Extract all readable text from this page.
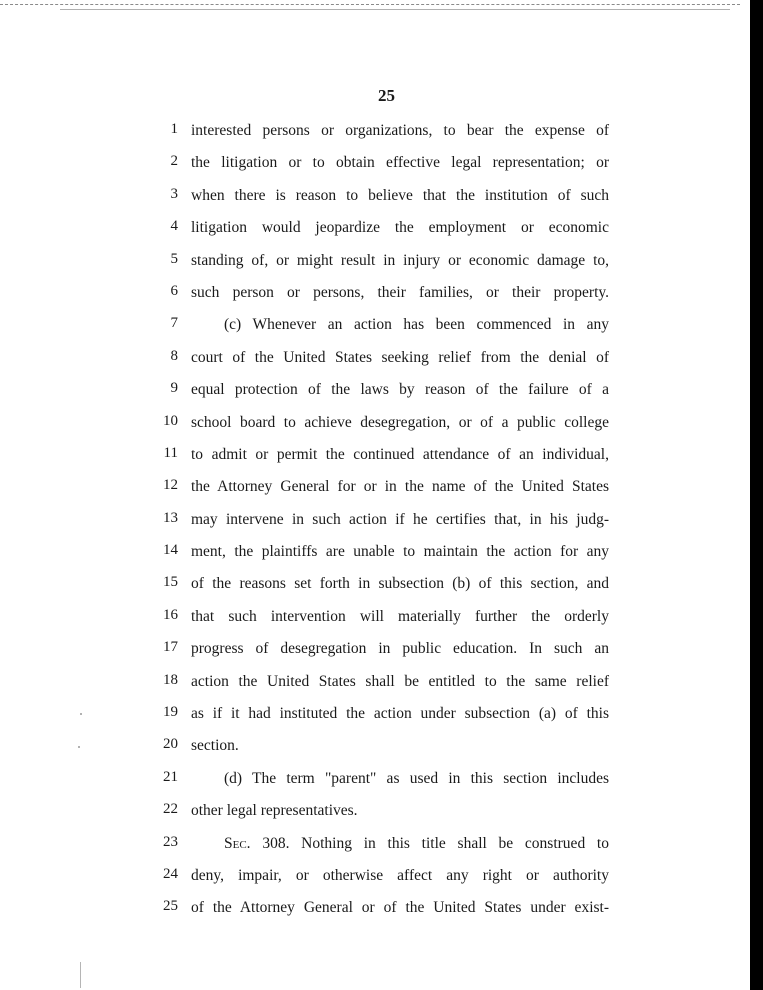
25
1 interested persons or organizations, to bear the expense of
2 the litigation or to obtain effective legal representation; or
3 when there is reason to believe that the institution of such
4 litigation would jeopardize the employment or economic
5 standing of, or might result in injury or economic damage to,
6 such person or persons, their families, or their property.
7	(c) Whenever an action has been commenced in any
8 court of the United States seeking relief from the denial of
9 equal protection of the laws by reason of the failure of a
10 school board to achieve desegregation, or of a public college
11 to admit or permit the continued attendance of an individual,
12 the Attorney General for or in the name of the United States
13 may intervene in such action if he certifies that, in his judg-
14 ment, the plaintiffs are unable to maintain the action for any
15 of the reasons set forth in subsection (b) of this section, and
16 that such intervention will materially further the orderly
17 progress of desegregation in public education. In such an
18 action the United States shall be entitled to the same relief
19 as if it had instituted the action under subsection (a) of this
20 section.
21	(d) The term "parent" as used in this section includes
22 other legal representatives.
23	Sec. 308. Nothing in this title shall be construed to
24 deny, impair, or otherwise affect any right or authority
25 of the Attorney General or of the United States under exist-
